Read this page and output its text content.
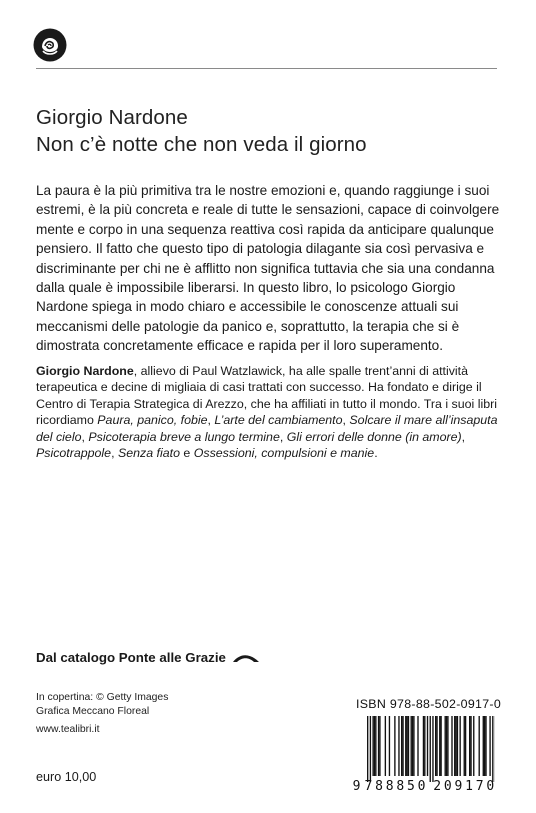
Giorgio Nardone
Non c’è notte che non veda il giorno
La paura è la più primitiva tra le nostre emozioni e, quando raggiunge i suoi estremi, è la più concreta e reale di tutte le sensazioni, capace di coinvolgere mente e corpo in una sequenza reattiva così rapida da anticipare qualunque pensiero. Il fatto che questo tipo di patologia dilagante sia così pervasiva e discriminante per chi ne è afflitto non significa tuttavia che sia una condanna dalla quale è impossibile liberarsi. In questo libro, lo psicologo Giorgio Nardone spiega in modo chiaro e accessibile le conoscenze attuali sui meccanismi delle patologie da panico e, soprattutto, la terapia che si è dimostrata concretamente efficace e rapida per il loro superamento.
Giorgio Nardone, allievo di Paul Watzlawick, ha alle spalle trent’anni di attività terapeutica e decine di migliaia di casi trattati con successo. Ha fondato e dirige il Centro di Terapia Strategica di Arezzo, che ha affiliati in tutto il mondo. Tra i suoi libri ricordiamo Paura, panico, fobie, L’arte del cambiamento, Solcare il mare all’insaputa del cielo, Psicoterapia breve a lungo termine, Gli errori delle donne (in amore), Psicotrappole, Senza fiato e Ossessioni, compulsioni e manie.
Dal catalogo Ponte alle Grazie
In copertina: © Getty Images
Grafica Meccano Floreal
www.tealibri.it
euro 10,00
ISBN 978-88-502-0917-0
9 788850 209170
